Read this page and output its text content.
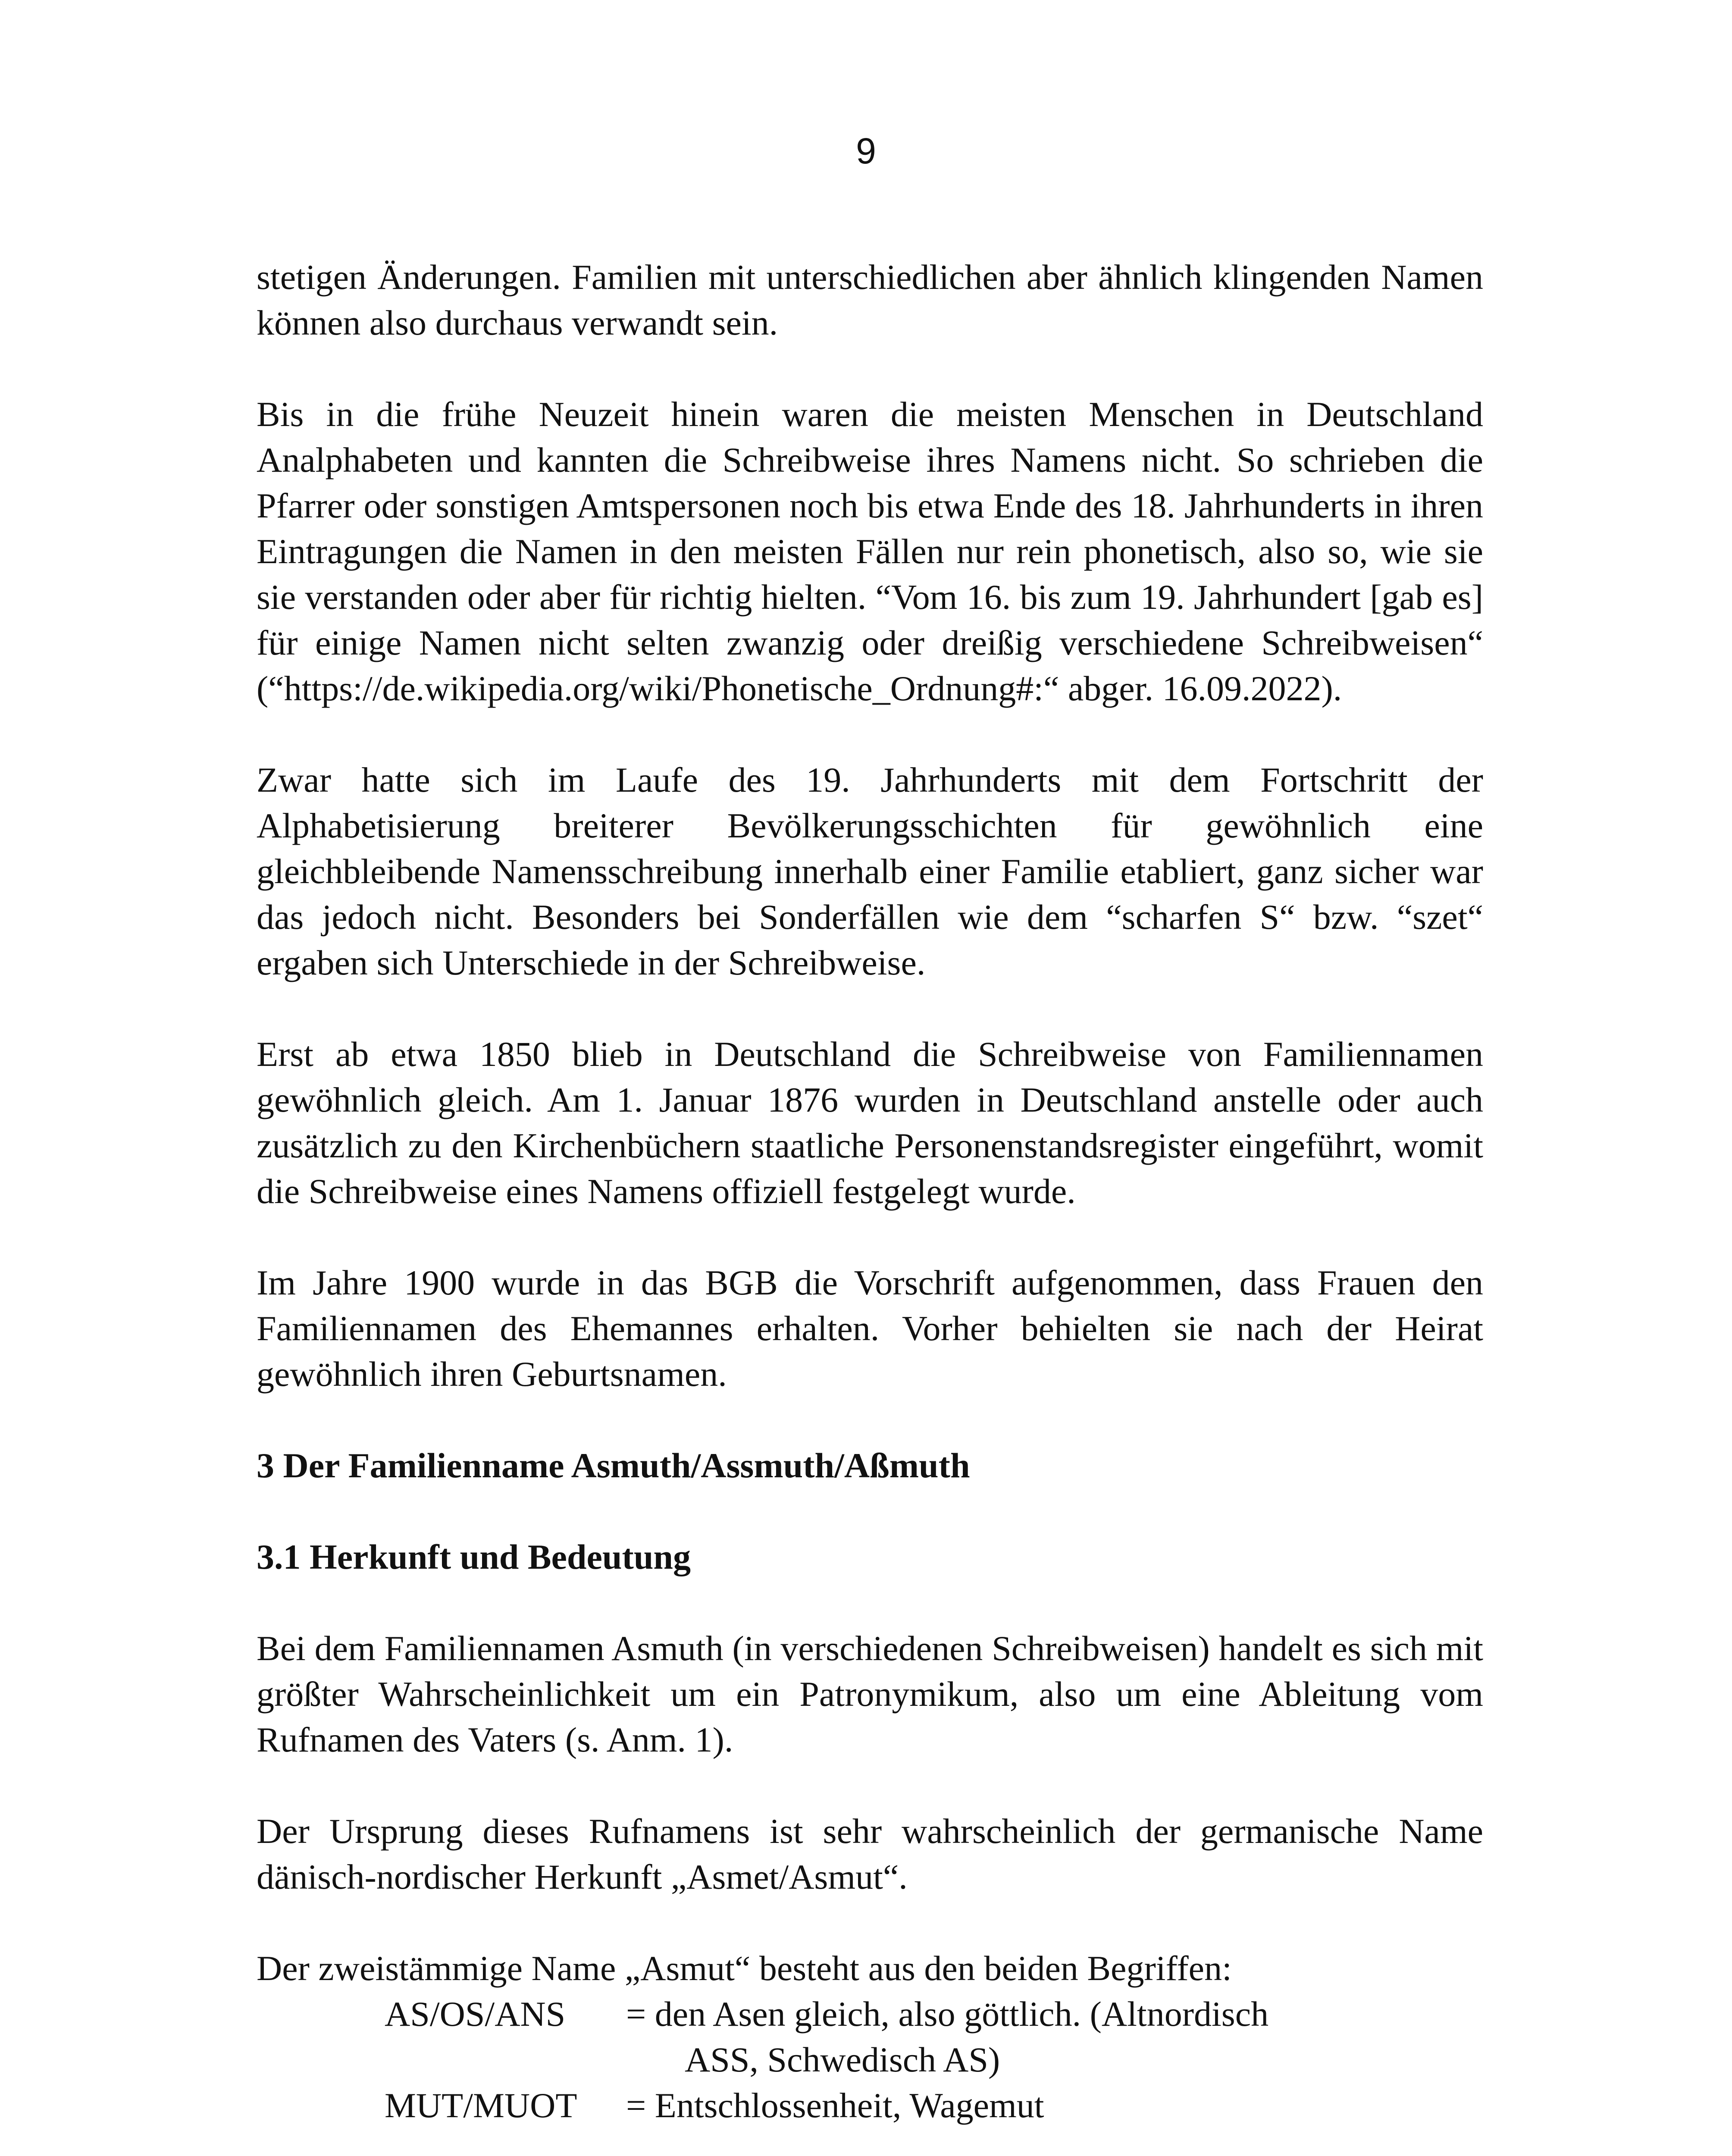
9

stetigen Änderungen. Familien mit unterschiedlichen aber ähnlich klingenden Namen können also durchaus verwandt sein.

Bis in die frühe Neuzeit hinein waren die meisten Menschen in Deutschland Analphabeten und kannten die Schreibweise ihres Namens nicht. So schrieben die Pfarrer oder sonstigen Amtspersonen noch bis etwa Ende des 18. Jahrhunderts in ihren Eintragungen die Namen in den meisten Fällen nur rein phonetisch, also so, wie sie sie verstanden oder aber für richtig hielten. “Vom 16. bis zum 19. Jahrhundert [gab es] für einige Namen nicht selten zwanzig oder dreißig verschiedene Schreibweisen“ (“https://de.wikipedia.org/wiki/Phonetische_Ordnung#:“ abger. 16.09.2022).

Zwar hatte sich im Laufe des 19. Jahrhunderts mit dem Fortschritt der Alphabetisierung breiterer Bevölkerungsschichten für gewöhnlich eine gleichbleibende Namensschreibung innerhalb einer Familie etabliert, ganz sicher war das jedoch nicht. Besonders bei Sonderfällen wie dem “scharfen S“ bzw. “szet“ ergaben sich Unterschiede in der Schreibweise.

Erst ab etwa 1850 blieb in Deutschland die Schreibweise von Familiennamen gewöhnlich gleich. Am 1. Januar 1876 wurden in Deutschland anstelle oder auch zusätzlich zu den Kirchenbüchern staatliche Personenstandsregister eingeführt, womit die Schreibweise eines Namens offiziell festgelegt wurde.

Im Jahre 1900 wurde in das BGB die Vorschrift aufgenommen, dass Frauen den Familiennamen des Ehemannes erhalten. Vorher behielten sie nach der Heirat gewöhnlich ihren Geburtsnamen.

3 Der Familienname Asmuth/Assmuth/Aßmuth
3.1 Herkunft und Bedeutung

Bei dem Familiennamen Asmuth (in verschiedenen Schreibweisen) handelt es sich mit größter Wahrscheinlichkeit um ein Patronymikum, also um eine Ableitung vom Rufnamen des Vaters (s. Anm. 1).

Der Ursprung dieses Rufnamens ist sehr wahrscheinlich der germanische Name dänisch-nordischer Herkunft „Asmet/Asmut“.

Der zweistämmige Name „Asmut“ besteht aus den beiden Begriffen:

AS/OS/ANS	= den Asen gleich, also göttlich. (Altnordisch
ASS, Schwedisch AS)
MUT/MUOT	= Entschlossenheit, Wagemut
